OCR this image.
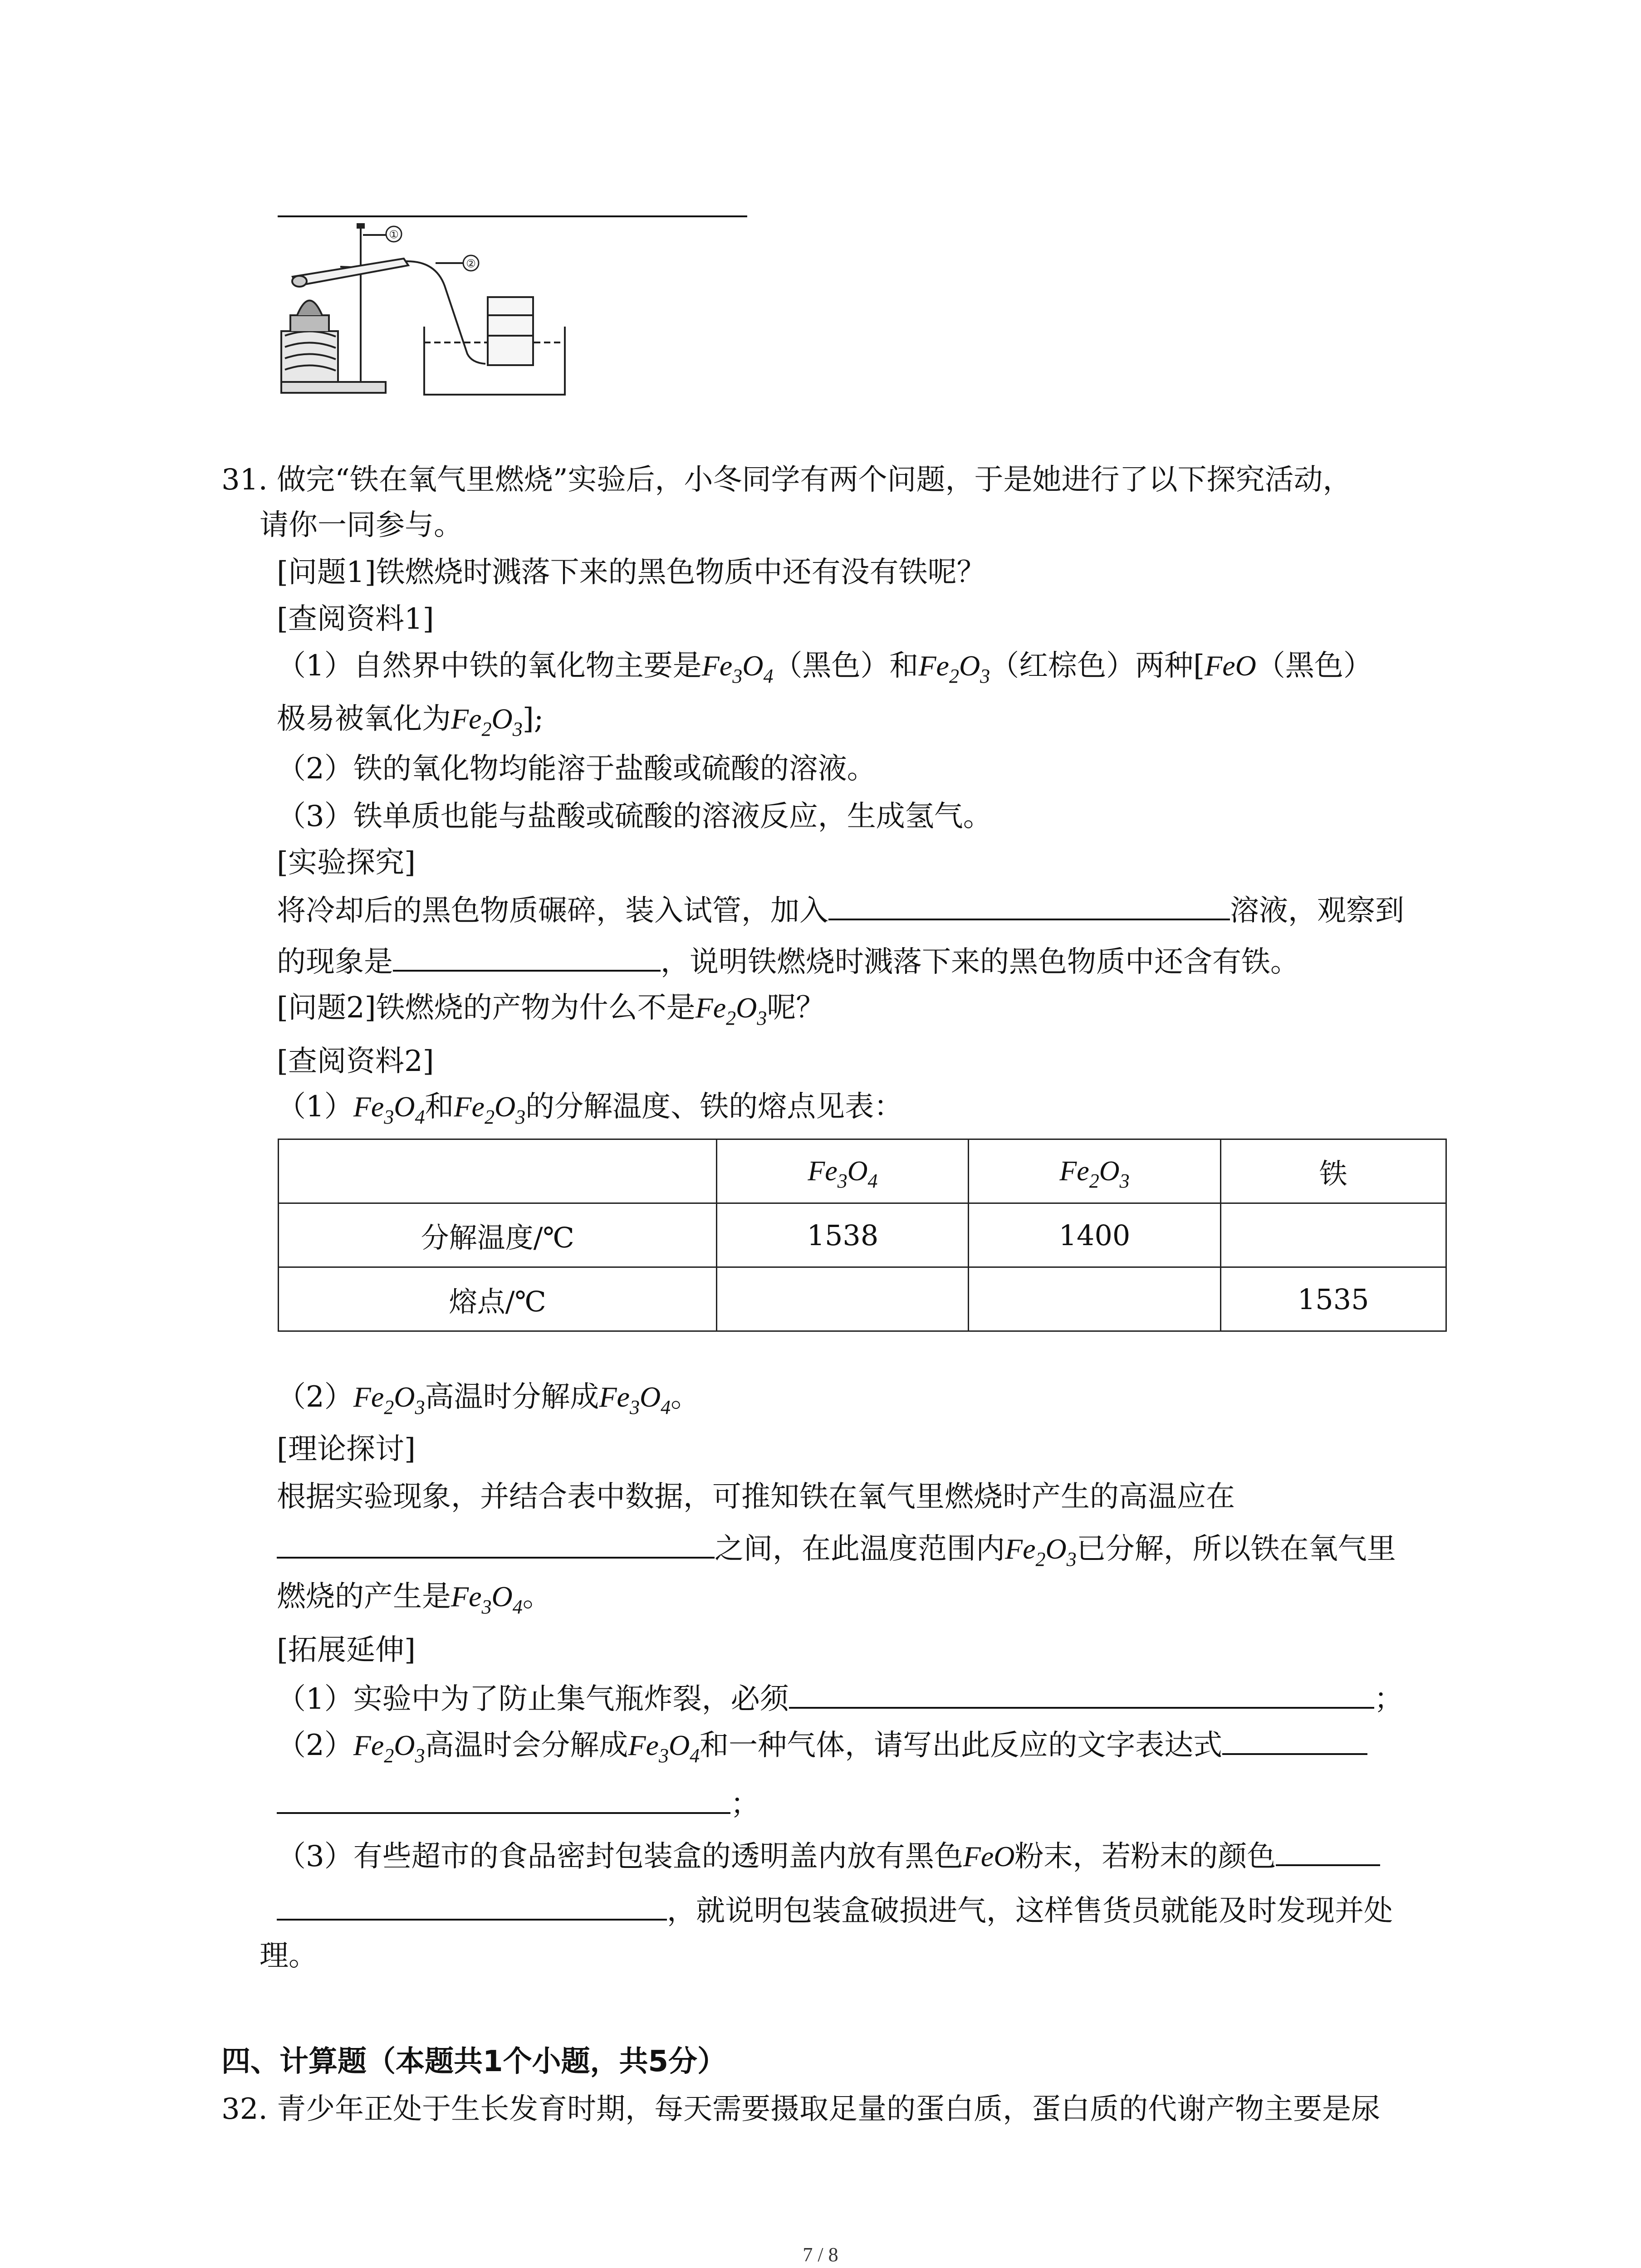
①
②
31. 做完“铁在氧气里燃烧”实验后，小冬同学有两个问题，于是她进行了以下探究活动，
请你一同参与。
[问题1]铁燃烧时溅落下来的黑色物质中还有没有铁呢？
[查阅资料1]
（1）自然界中铁的氧化物主要是$Fe_3O_4$（黑色）和$Fe_2O_3$（红棕色）两种[FeO（黑色）
极易被氧化为$Fe_2O_3$];
（2）铁的氧化物均能溶于盐酸或硫酸的溶液。
（3）铁单质也能与盐酸或硫酸的溶液反应，生成氢气。
[实验探究]
将冷却后的黑色物质碾碎，装入试管，加入	溶液，观察到
的现象是	，说明铁燃烧时溅落下来的黑色物质中还含有铁。
[问题2]铁燃烧的产物为什么不是$Fe_2O_3$呢？
[查阅资料2]
$(1)Fe_3O_4$和$Fe_2O_3$的分解温度、铁的熔点见表：
	$Fe_3O_4$	$Fe_2O_3$	铁
分解温度/℃	1538	1400	
熔点/℃			1535
$(2)Fe_2O_3$高温时分解成$Fe_3O_4$。
[理论探讨]
根据实验现象，并结合表中数据，可推知铁在氧气里燃烧时产生的高温应在
之间，在此温度范围内$Fe_2O_3$已分解，所以铁在氧气里
燃烧的产生是$Fe_3O_4$。
[拓展延伸]
（1）实验中为了防止集气瓶炸裂，必须	；
$(2)Fe_2O_3$高温时会分解成$Fe_3O_4$和一种气体，请写出此反应的文字表达式
；
（3）有些超市的食品密封包装盒的透明盖内放有黑色FeO粉末，若粉末的颜色
，就说明包装盒破损进气，这样售货员就能及时发现并处
理。
四、计算题（本题共1个小题，共5分）
32. 青少年正处于生长发育时期，每天需要摄取足量的蛋白质，蛋白质的代谢产物主要是尿
7 / 8
